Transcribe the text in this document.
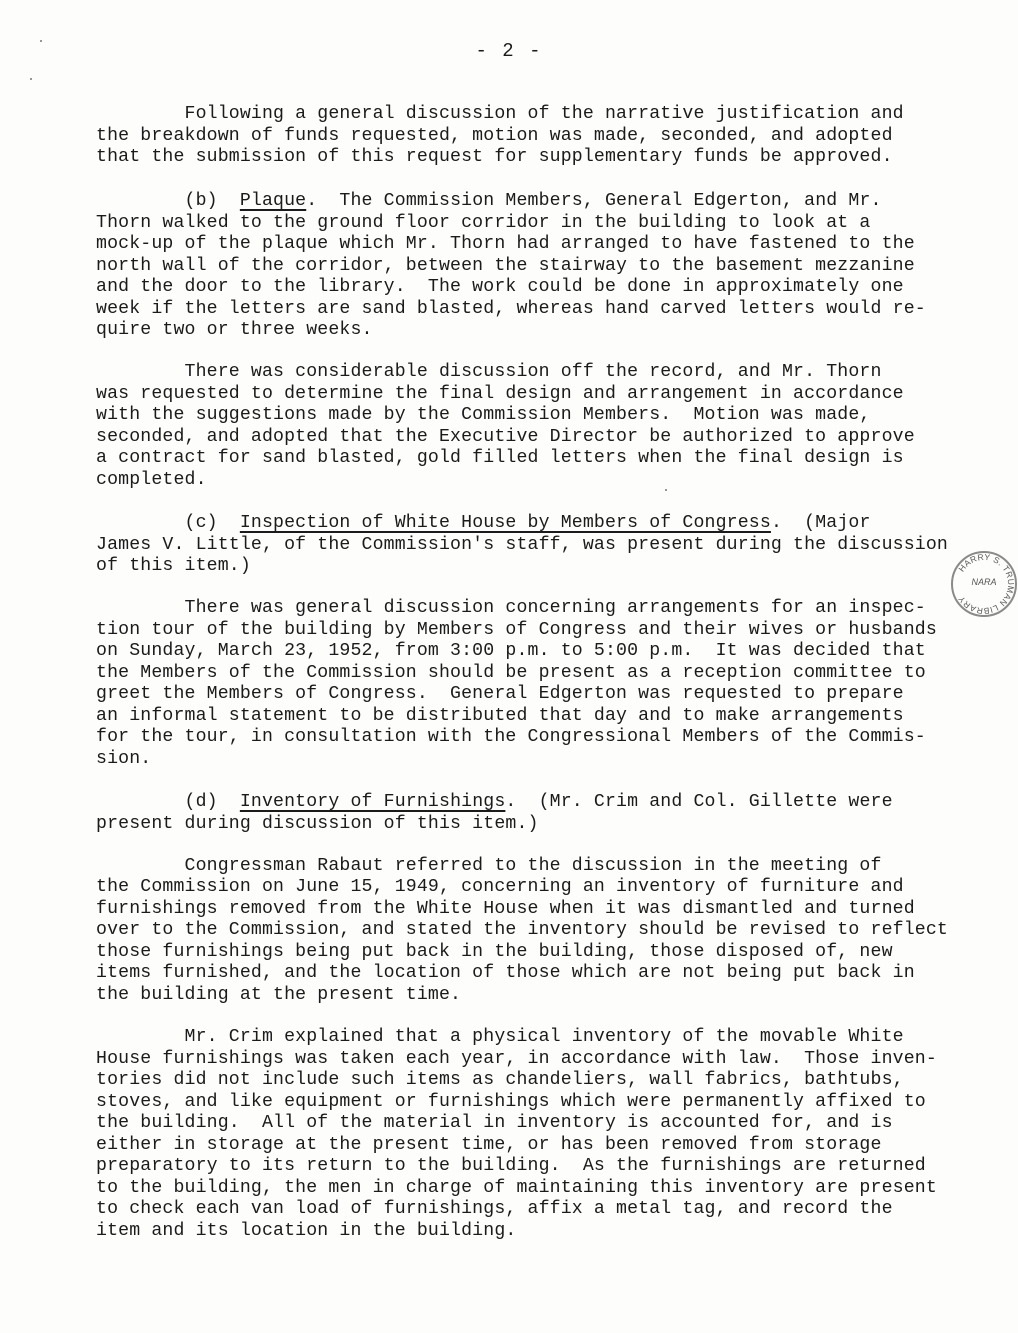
- 2 -
Following a general discussion of the narrative justification and
the breakdown of funds requested, motion was made, seconded, and adopted
that the submission of this request for supplementary funds be approved.
(b)  Plaque.  The Commission Members, General Edgerton, and Mr.
Thorn walked to the ground floor corridor in the building to look at a
mock-up of the plaque which Mr. Thorn had arranged to have fastened to the
north wall of the corridor, between the stairway to the basement mezzanine
and the door to the library.  The work could be done in approximately one
week if the letters are sand blasted, whereas hand carved letters would re-
quire two or three weeks.
There was considerable discussion off the record, and Mr. Thorn
was requested to determine the final design and arrangement in accordance
with the suggestions made by the Commission Members.  Motion was made,
seconded, and adopted that the Executive Director be authorized to approve
a contract for sand blasted, gold filled letters when the final design is
completed.
(c)  Inspection of White House by Members of Congress.  (Major
James V. Little, of the Commission's staff, was present during the discussion
of this item.)
There was general discussion concerning arrangements for an inspec-
tion tour of the building by Members of Congress and their wives or husbands
on Sunday, March 23, 1952, from 3:00 p.m. to 5:00 p.m.  It was decided that
the Members of the Commission should be present as a reception committee to
greet the Members of Congress.  General Edgerton was requested to prepare
an informal statement to be distributed that day and to make arrangements
for the tour, in consultation with the Congressional Members of the Commis-
sion.
(d)  Inventory of Furnishings.  (Mr. Crim and Col. Gillette were
present during discussion of this item.)
Congressman Rabaut referred to the discussion in the meeting of
the Commission on June 15, 1949, concerning an inventory of furniture and
furnishings removed from the White House when it was dismantled and turned
over to the Commission, and stated the inventory should be revised to reflect
those furnishings being put back in the building, those disposed of, new
items furnished, and the location of those which are not being put back in
the building at the present time.
Mr. Crim explained that a physical inventory of the movable White
House furnishings was taken each year, in accordance with law.  Those inven-
tories did not include such items as chandeliers, wall fabrics, bathtubs,
stoves, and like equipment or furnishings which were permanently affixed to
the building.  All of the material in inventory is accounted for, and is
either in storage at the present time, or has been removed from storage
preparatory to its return to the building.  As the furnishings are returned
to the building, the men in charge of maintaining this inventory are present
to check each van load of furnishings, affix a metal tag, and record the
item and its location in the building.
HARRY S. TRUMAN LIBRARY
NARA
